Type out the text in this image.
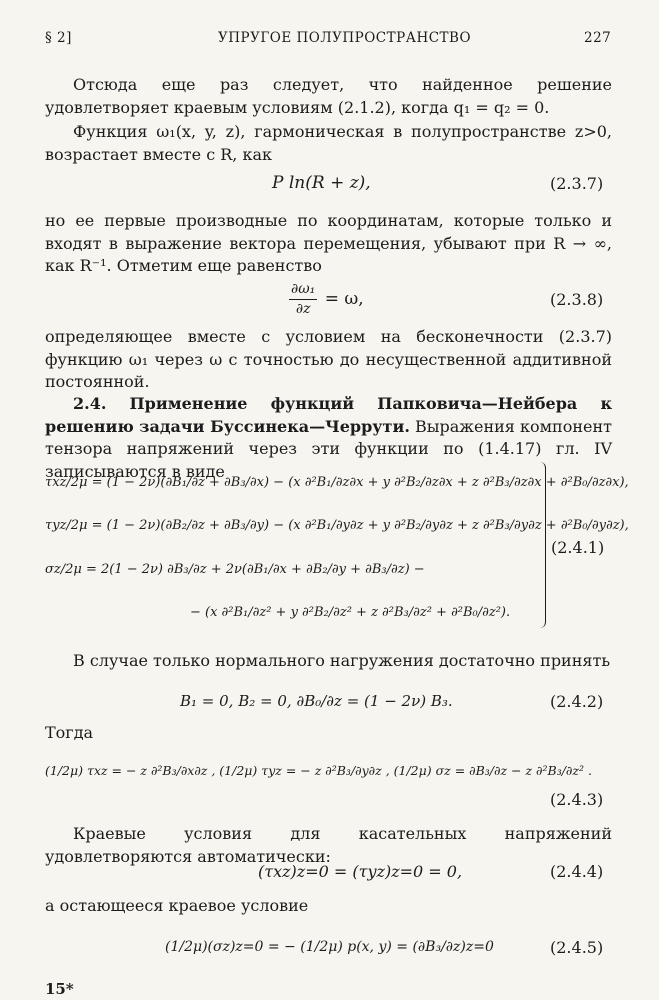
§ 2]	УПРУГОЕ ПОЛУПРОСТРАНСТВО	227
Отсюда еще раз следует, что найденное решение удовлетворяет краевым условиям (2.1.2), когда q₁ = q₂ = 0.
Функция ω₁(x, y, z), гармоническая в полупространстве z>0, возрастает вместе с R, как
P ln(R + z),	(2.3.7)
но ее первые производные по координатам, которые только и входят в выражение вектора перемещения, убывают при R → ∞, как R⁻¹. Отметим еще равенство
$\frac{\text{∂ω₁}}{\partial z} = \omega$,	(2.3.8)
определяющее вместе с условием на бесконечности (2.3.7) функцию ω₁ через ω с точностью до несущественной аддитивной постоянной.
2.4. Применение функций Папковича—Нейбера к решению задачи Буссинека—Черрути. Выражения компонент тензора напряжений через эти функции по (1.4.17) гл. IV записываются в виде
τxz/2μ = (1 − 2ν)(∂B₁/∂z + ∂B₃/∂x) − (x ∂²B₁/∂z∂x + y ∂²B₂/∂z∂x + z ∂²B₃/∂z∂x + ∂²B₀/∂z∂x),
τyz/2μ = (1 − 2ν)(∂B₂/∂z + ∂B₃/∂y) − (x ∂²B₁/∂y∂z + y ∂²B₂/∂y∂z + z ∂²B₃/∂y∂z + ∂²B₀/∂y∂z),
σz/2μ = 2(1 − 2ν) ∂B₃/∂z + 2ν(∂B₁/∂x + ∂B₂/∂y + ∂B₃/∂z) −
− (x ∂²B₁/∂z² + y ∂²B₂/∂z² + z ∂²B₃/∂z² + ∂²B₀/∂z²).
(2.4.1)
В случае только нормального нагружения достаточно принять
B₁ = 0, B₂ = 0, ∂B₀/∂z = (1 − 2ν) B₃.	(2.4.2)
Тогда
(1/2μ) τxz = − z ∂²B₃/∂x∂z , (1/2μ) τyz = − z ∂²B₃/∂y∂z , (1/2μ) σz = ∂B₃/∂z − z ∂²B₃/∂z² .
(2.4.3)
Краевые условия для касательных напряжений удовлетворяются автоматически:
(τxz)z=0 = (τyz)z=0 = 0,	(2.4.4)
а остающееся краевое условие
(1/2μ)(σz)z=0 = − (1/2μ) p(x, y) = (∂B₃/∂z)z=0	(2.4.5)
15*
